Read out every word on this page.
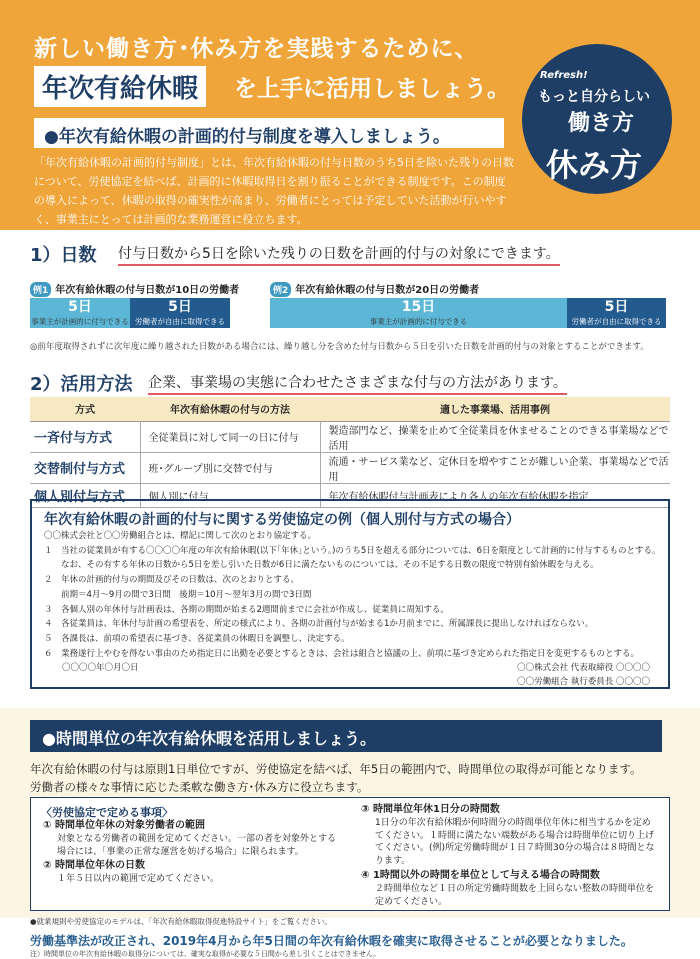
新しい働き方･休み方を実践するために、
年次有給休暇	を上手に活用しましょう。
●年次有給休暇の計画的付与制度を導入しましょう。
「年次有給休暇の計画的付与制度」とは、年次有給休暇の付与日数のうち5日を除いた残りの日数について、労使協定を結べば、計画的に休暇取得日を割り振ることができる制度です。この制度の導入によって、休暇の取得の確実性が高まり、労働者にとっては予定していた活動が行いやすく、事業主にとっては計画的な業務運営に役立ちます。
Refresh!
もっと自分らしい
働き方
休み方
1）日数 付与日数から5日を除いた残りの日数を計画的付与の対象にできます。
例1 年次有給休暇の付与日数が10日の労働者
5日
事業主が計画的に付与できる
5日
労働者が自由に取得できる
例2 年次有給休暇の付与日数が20日の労働者
15日
事業主が計画的に付与できる
5日
労働者が自由に取得できる
◎前年度取得されずに次年度に繰り越された日数がある場合には、繰り越し分を含めた付与日数から５日を引いた日数を計画的付与の対象とすることができます。
2）活用方法 企業、事業場の実態に合わせたさまざまな付与の方法があります。
方式	年次有給休暇の付与の方法	適した事業場、活用事例
一斉付与方式	全従業員に対して同一の日に付与	製造部門など、操業を止めて全従業員を休ませることのできる事業場などで活用
交替制付与方式	班･グループ別に交替で付与	流通・サービス業など、定休日を増やすことが難しい企業、事業場などで活用
個人別付与方式	個人別に付与	年次有給休暇付与計画表により各人の年次有給休暇を指定
年次有給休暇の計画的付与に関する労使協定の例（個人別付与方式の場合）
〇〇株式会社と〇〇労働組合とは、標記に関して次のとおり協定する。
１　当社の従業員が有する〇〇〇〇年度の年次有給休暇(以下｢年休｣という。)のうち5日を超える部分については、6日を限度として計画的に付与するものとする。
　　なお、その有する年休の日数から5日を差し引いた日数が6日に満たないものについては、その不足する日数の限度で特別有給休暇を与える。
２　年休の計画的付与の期間及びその日数は、次のとおりとする。
　　前期＝4月～9月の間で3日間　後期＝10月～翌年3月の間で3日間
３　各個人別の年休付与計画表は、各期の期間が始まる2週間前までに会社が作成し、従業員に周知する。
４　各従業員は、年休付与計画の希望表を、所定の様式により、各期の計画付与が始まる1か月前までに、所属課長に提出しなければならない。
５　各課長は、前項の希望表に基づき、各従業員の休暇日を調整し、決定する。
６　業務遂行上やむを得ない事由のため指定日に出勤を必要とするときは、会社は組合と協議の上、前項に基づき定められた指定日を変更するものとする。
〇〇〇〇年〇月〇日	〇〇株式会社 代表取締役 〇〇〇〇
〇〇労働組合 執行委員長 〇〇〇〇
●時間単位の年次有給休暇を活用しましょう。
年次有給休暇の付与は原則1日単位ですが、労使協定を結べば、年5日の範囲内で、時間単位の取得が可能となります。
労働者の様々な事情に応じた柔軟な働き方･休み方に役立ちます。
〈労使協定で定める事項〉
① 時間単位年休の対象労働者の範囲
対象となる労働者の範囲を定めてください。一部の者を対象外とする場合には、「事業の正常な運営を妨げる場合」に限られます。
② 時間単位年休の日数
１年５日以内の範囲で定めてください。
③ 時間単位年休1日分の時間数
1日分の年次有給休暇が何時間分の時間単位年休に相当するかを定めてください。１時間に満たない端数がある場合は時間単位に切り上げてください。(例)所定労働時間が１日７時間30分の場合は８時間となります。
④ 1時間以外の時間を単位として与える場合の時間数
２時間単位など１日の所定労働時間数を上回らない整数の時間単位を定めてください。
●就業規則や労使協定のモデルは、「年次有給休暇取得促進特設サイト」をご覧ください。
労働基準法が改正され、2019年4月から年5日間の年次有給休暇を確実に取得させることが必要となりました。
注）時間単位の年次有給休暇の取得分については、確実な取得が必要な５日間から差し引くことはできません。
